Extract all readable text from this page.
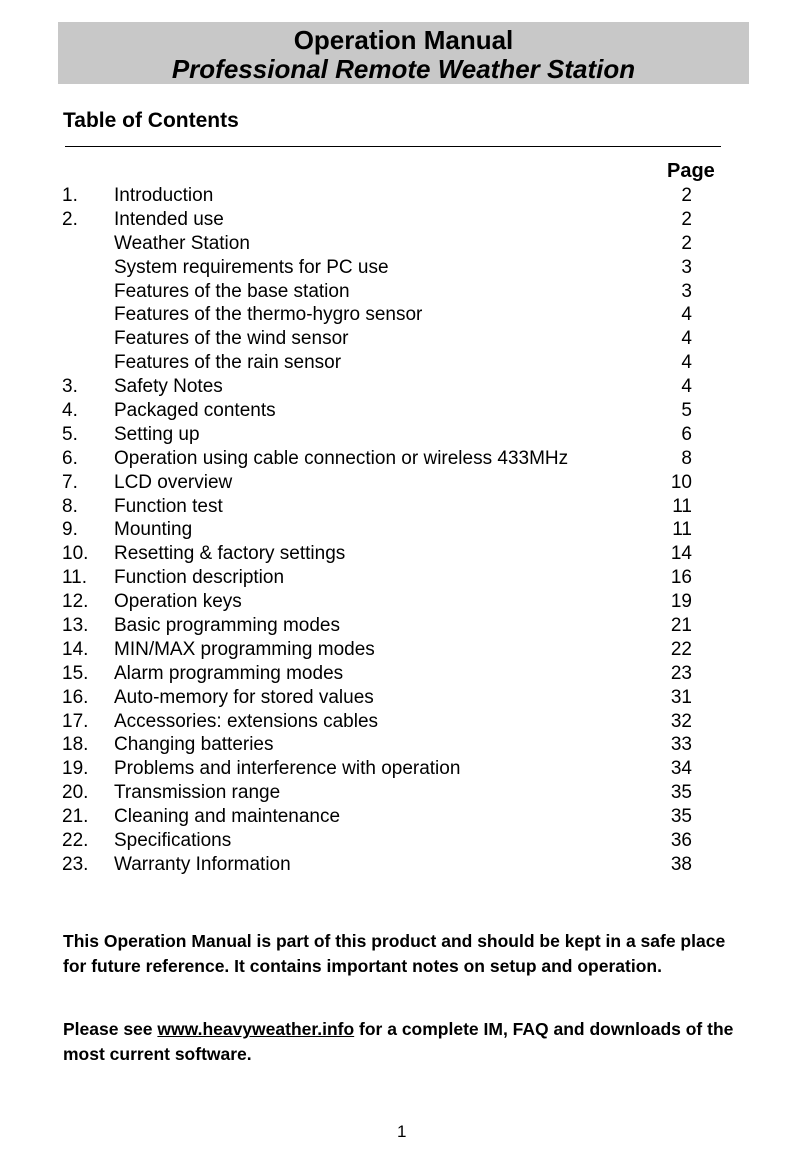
Operation Manual
Professional Remote Weather Station
Table of Contents
Page
1.	Introduction	2
2.	Intended use	2
Weather Station	2
System requirements for PC use	3
Features of the base station	3
Features of the thermo-hygro sensor	4
Features of the wind sensor	4
Features of the rain sensor	4
3.	Safety Notes	4
4.	Packaged contents	5
5.	Setting up	6
6.	Operation using cable connection or wireless 433MHz	8
7.	LCD overview	10
8.	Function test	11
9.	Mounting	11
10.	Resetting & factory settings	14
11.	Function description	16
12.	Operation keys	19
13.	Basic programming modes	21
14.	MIN/MAX programming modes	22
15.	Alarm programming modes	23
16.	Auto-memory for stored values	31
17.	Accessories: extensions cables	32
18.	Changing batteries	33
19.	Problems and interference with operation	34
20.	Transmission range	35
21.	Cleaning and maintenance	35
22.	Specifications	36
23.	Warranty Information	38
This Operation Manual is part of this product and should be kept in a safe place for future reference. It contains important notes on setup and operation.
Please see www.heavyweather.info for a complete IM, FAQ and downloads of the most current software.
1
